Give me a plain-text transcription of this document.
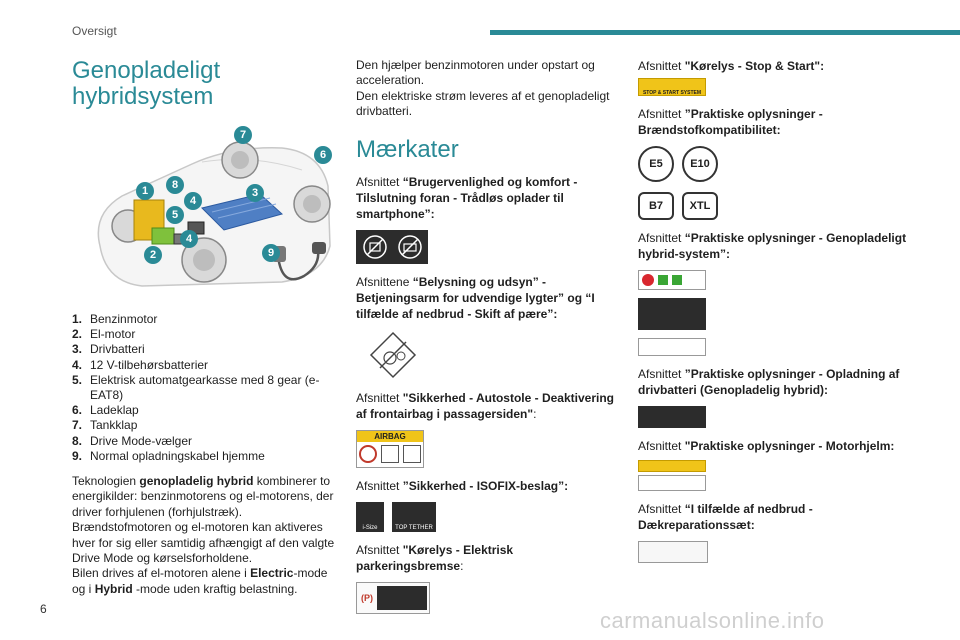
Oversigt
Genopladeligt hybridsystem
7
6
1	8
4
5
3
4
2	9
1. Benzinmotor
2. El-motor
3. Drivbatteri
4. 12 V-tilbehørsbatterier
5. Elektrisk automatgearkasse med 8 gear (e-EAT8)
6. Ladeklap
7. Tankklap
8. Drive Mode-vælger
9. Normal opladningskabel hjemme

Teknologien genopladelig hybrid kombinerer to energikilder: benzinmotorens og el-motorens, der driver forhjulenen (forhjulstræk).

Brændstofmotoren og el-motoren kan aktiveres hver for sig eller samtidig afhængigt af den valgte Drive Mode og kørselsforholdene.

Bilen drives af el-motoren alene i Electric-mode og i Hybrid -mode uden kraftig belastning.

Den hjælper benzinmotoren under opstart og acceleration.

Den elektriske strøm leveres af et genopladeligt drivbatteri.

Mærkater

Afsnittet “Brugervenlighed og komfort - Tilslutning foran - Trådløs oplader til smartphone”:

Afsnittene “Belysning og udsyn” - Betjeningsarm for udvendige lygter” og “I tilfælde af nedbrud - Skift af pære”:

Afsnittet "Sikkerhed - Autostole - Deaktivering af frontairbag i passagersiden":

AIRBAG

Afsnittet ”Sikkerhed - ISOFIX-beslag”:

i-Size	TOP TETHER

Afsnittet "Kørelys - Elektrisk parkeringsbremse:

(P)

Afsnittet "Kørelys - Stop & Start":

STOP & START SYSTEM

Afsnittet ”Praktiske oplysninger - Brændstofkompatibilitet:

E5	E10
B7	XTL

Afsnittet “Praktiske oplysninger - Genopladeligt hybrid-system”:

Afsnittet ”Praktiske oplysninger - Opladning af drivbatteri (Genopladelig hybrid):

Afsnittet "Praktiske oplysninger - Motorhjelm:

Afsnittet “I tilfælde af nedbrud - Dækreparationssæt:

6	carmanualsonline.info
